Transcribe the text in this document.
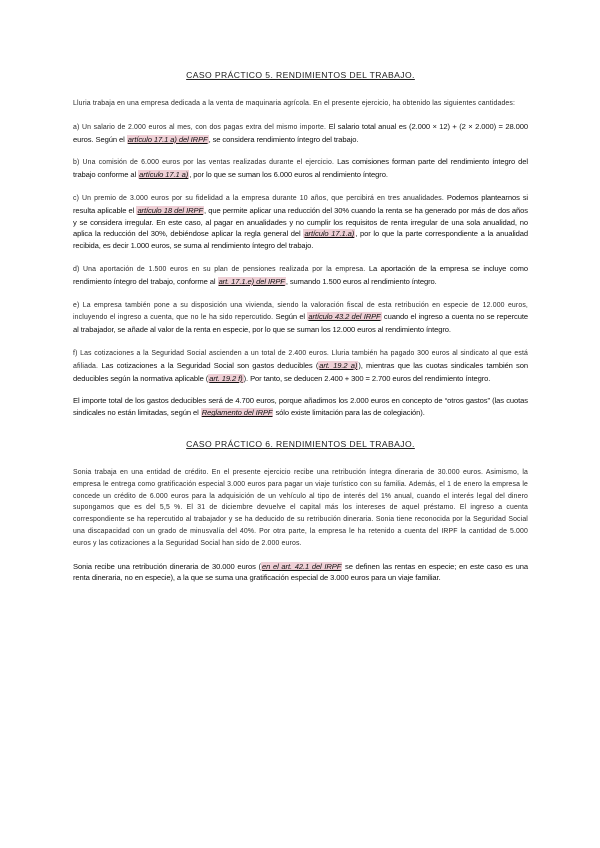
CASO PRÁCTICO 5. RENDIMIENTOS DEL TRABAJO.

Lluria trabaja en una empresa dedicada a la venta de maquinaria agrícola. En el presente ejercicio, ha obtenido las siguientes cantidades:

a) Un salario de 2.000 euros al mes, con dos pagas extra del mismo importe. El salario total anual es (2.000 × 12) + (2 × 2.000) = 28.000 euros. Según el artículo 17.1 a) del IRPF, se considera rendimiento íntegro del trabajo.

b) Una comisión de 6.000 euros por las ventas realizadas durante el ejercicio. Las comisiones forman parte del rendimiento íntegro del trabajo conforme al artículo 17.1 a), por lo que se suman los 6.000 euros al rendimiento íntegro.

c) Un premio de 3.000 euros por su fidelidad a la empresa durante 10 años, que percibirá en tres anualidades. Podemos plantearnos si resulta aplicable el artículo 18 del IRPF, que permite aplicar una reducción del 30% cuando la renta se ha generado por más de dos años y se considera irregular. En este caso, al pagar en anualidades y no cumplir los requisitos de renta irregular de una sola anualidad, no aplica la reducción del 30%, debiéndose aplicar la regla general del artículo 17.1.a), por lo que la parte correspondiente a la anualidad recibida, es decir 1.000 euros, se suma al rendimiento íntegro del trabajo.

d) Una aportación de 1.500 euros en su plan de pensiones realizada por la empresa. La aportación de la empresa se incluye como rendimiento íntegro del trabajo, conforme al art. 17.1.e) del IRPF, sumando 1.500 euros al rendimiento íntegro.

e) La empresa también pone a su disposición una vivienda, siendo la valoración fiscal de esta retribución en especie de 12.000 euros, incluyendo el ingreso a cuenta, que no le ha sido repercutido. Según el artículo 43.2 del IRPF cuando el ingreso a cuenta no se repercute al trabajador, se añade al valor de la renta en especie, por lo que se suman los 12.000 euros al rendimiento íntegro.

f) Las cotizaciones a la Seguridad Social ascienden a un total de 2.400 euros. Lluria también ha pagado 300 euros al sindicato al que está afiliada. Las cotizaciones a la Seguridad Social son gastos deducibles (art. 19.2 a)), mientras que las cuotas sindicales también son deducibles según la normativa aplicable (art. 19.2 f)). Por tanto, se deducen 2.400 + 300 = 2.700 euros del rendimiento íntegro.

El importe total de los gastos deducibles será de 4.700 euros, porque añadimos los 2.000 euros en concepto de “otros gastos” (las cuotas sindicales no están limitadas, según el Reglamento del IRPF sólo existe limitación para las de colegiación).

CASO PRÁCTICO 6. RENDIMIENTOS DEL TRABAJO.

Sonia trabaja en una entidad de crédito. En el presente ejercicio recibe una retribución íntegra dineraria de 30.000 euros. Asimismo, la empresa le entrega como gratificación especial 3.000 euros para pagar un viaje turístico con su familia. Además, el 1 de enero la empresa le concede un crédito de 6.000 euros para la adquisición de un vehículo al tipo de interés del 1% anual, cuando el interés legal del dinero supongamos que es del 5,5 %. El 31 de diciembre devuelve el capital más los intereses de aquel préstamo. El ingreso a cuenta correspondiente se ha repercutido al trabajador y se ha deducido de su retribución dineraria. Sonia tiene reconocida por la Seguridad Social una discapacidad con un grado de minusvalía del 40%. Por otra parte, la empresa le ha retenido a cuenta del IRPF la cantidad de 5.000 euros y las cotizaciones a la Seguridad Social han sido de 2.000 euros.

Sonia recibe una retribución dineraria de 30.000 euros (en el art. 42.1 del IRPF se definen las rentas en especie; en este caso es una renta dineraria, no en especie), a la que se suma una gratificación especial de 3.000 euros para un viaje familiar.
